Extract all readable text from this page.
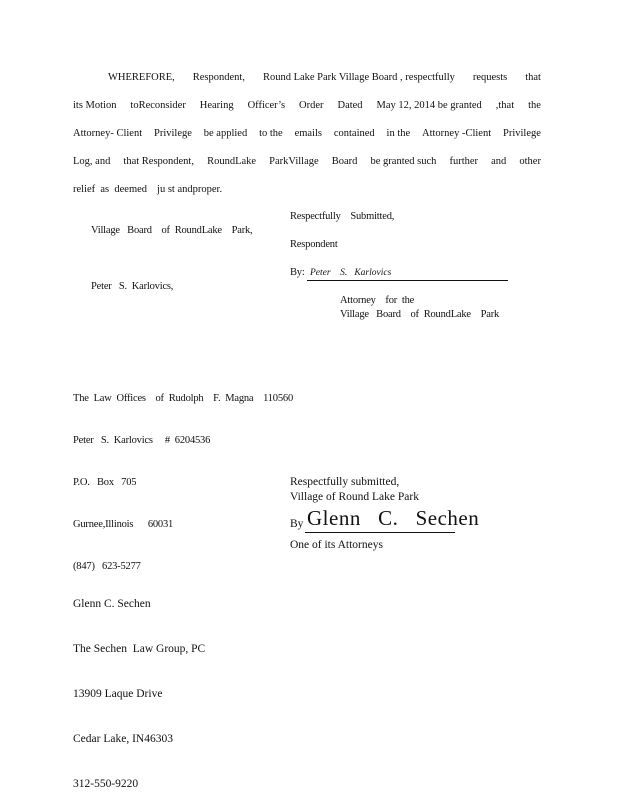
WHEREFORE, Respondent, Round Lake Park Village Board , respectfully requests that
its Motion toReconsider Hearing Officer’s Order Dated May 12, 2014 be granted ,that the
Attorney- Client Privilege be applied to the emails contained in the Attorney -Client Privilege
Log, and that Respondent, RoundLake ParkVillage Board be granted such further and other
relief  as  deemed ju st andproper.
Respectfully    Submitted,
Village   Board    of  RoundLake    Park,
Respondent
By: Peter    S.   Karlovics
Peter   S.  Karlovics,
Attorney    for  the
Village   Board    of  RoundLake    Park

The  Law  Offices    of  Rudolph    F.  Magna    110560

Peter   S.  Karlovics     #  6204536

P.O.   Box   705

Gurnee,Illinois      60031

(847)   623-5277

Respectfully submitted,
Village of Round Lake Park
By Glenn   C.   Sechen
One of its Attorneys

Glenn C. Sechen

The Sechen  Law Group, PC

13909 Laque Drive

Cedar Lake, IN46303

312-550-9220
